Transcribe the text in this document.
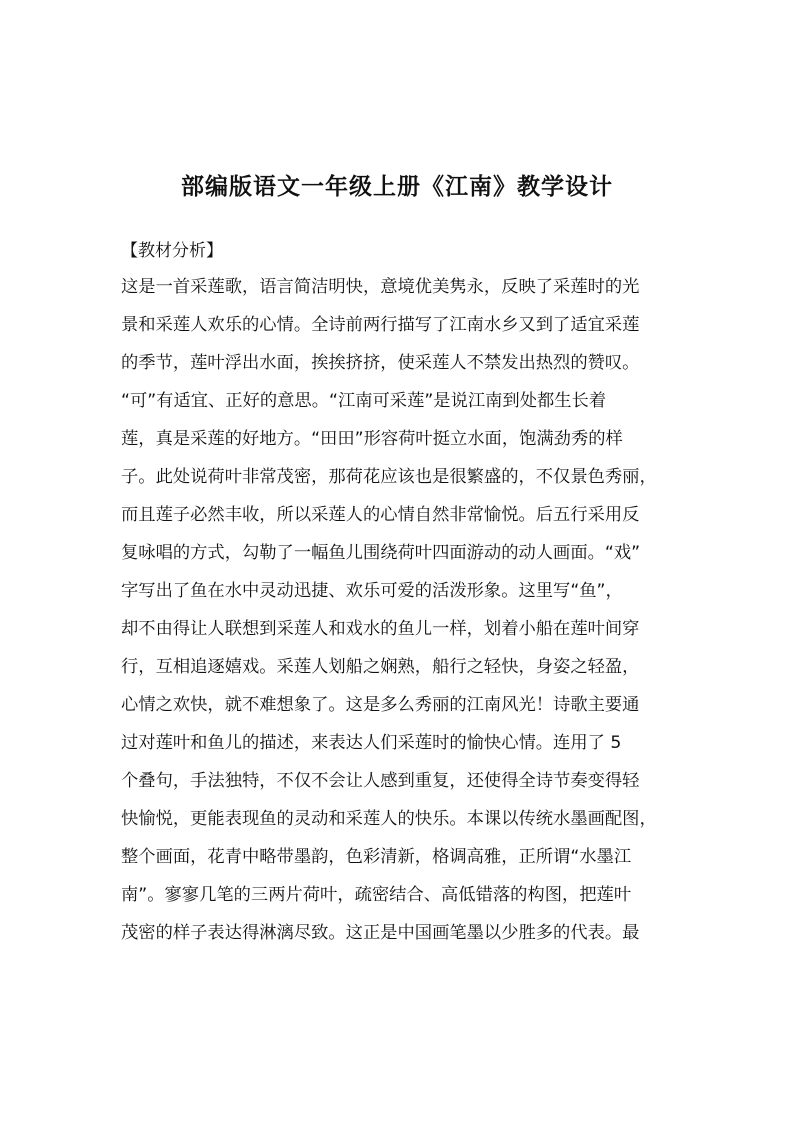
部编版语文一年级上册《江南》教学设计
【教材分析】
这是一首采莲歌，语言简洁明快，意境优美隽永，反映了采莲时的光
景和采莲人欢乐的心情。全诗前两行描写了江南水乡又到了适宜采莲
的季节，莲叶浮出水面，挨挨挤挤，使采莲人不禁发出热烈的赞叹。
“可”有适宜、正好的意思。“江南可采莲”是说江南到处都生长着
莲，真是采莲的好地方。“田田”形容荷叶挺立水面，饱满劲秀的样
子。此处说荷叶非常茂密，那荷花应该也是很繁盛的，不仅景色秀丽，
而且莲子必然丰收，所以采莲人的心情自然非常愉悦。后五行采用反
复咏唱的方式，勾勒了一幅鱼儿围绕荷叶四面游动的动人画面。“戏”
字写出了鱼在水中灵动迅捷、欢乐可爱的活泼形象。这里写“鱼”，
却不由得让人联想到采莲人和戏水的鱼儿一样，划着小船在莲叶间穿
行，互相追逐嬉戏。采莲人划船之娴熟，船行之轻快，身姿之轻盈，
心情之欢快，就不难想象了。这是多么秀丽的江南风光！诗歌主要通
过对莲叶和鱼儿的描述，来表达人们采莲时的愉快心情。连用了 5
个叠句，手法独特，不仅不会让人感到重复，还使得全诗节奏变得轻
快愉悦，更能表现鱼的灵动和采莲人的快乐。本课以传统水墨画配图，
整个画面，花青中略带墨韵，色彩清新，格调高雅，正所谓“水墨江
南”。寥寥几笔的三两片荷叶，疏密结合、高低错落的构图，把莲叶
茂密的样子表达得淋漓尽致。这正是中国画笔墨以少胜多的代表。最
